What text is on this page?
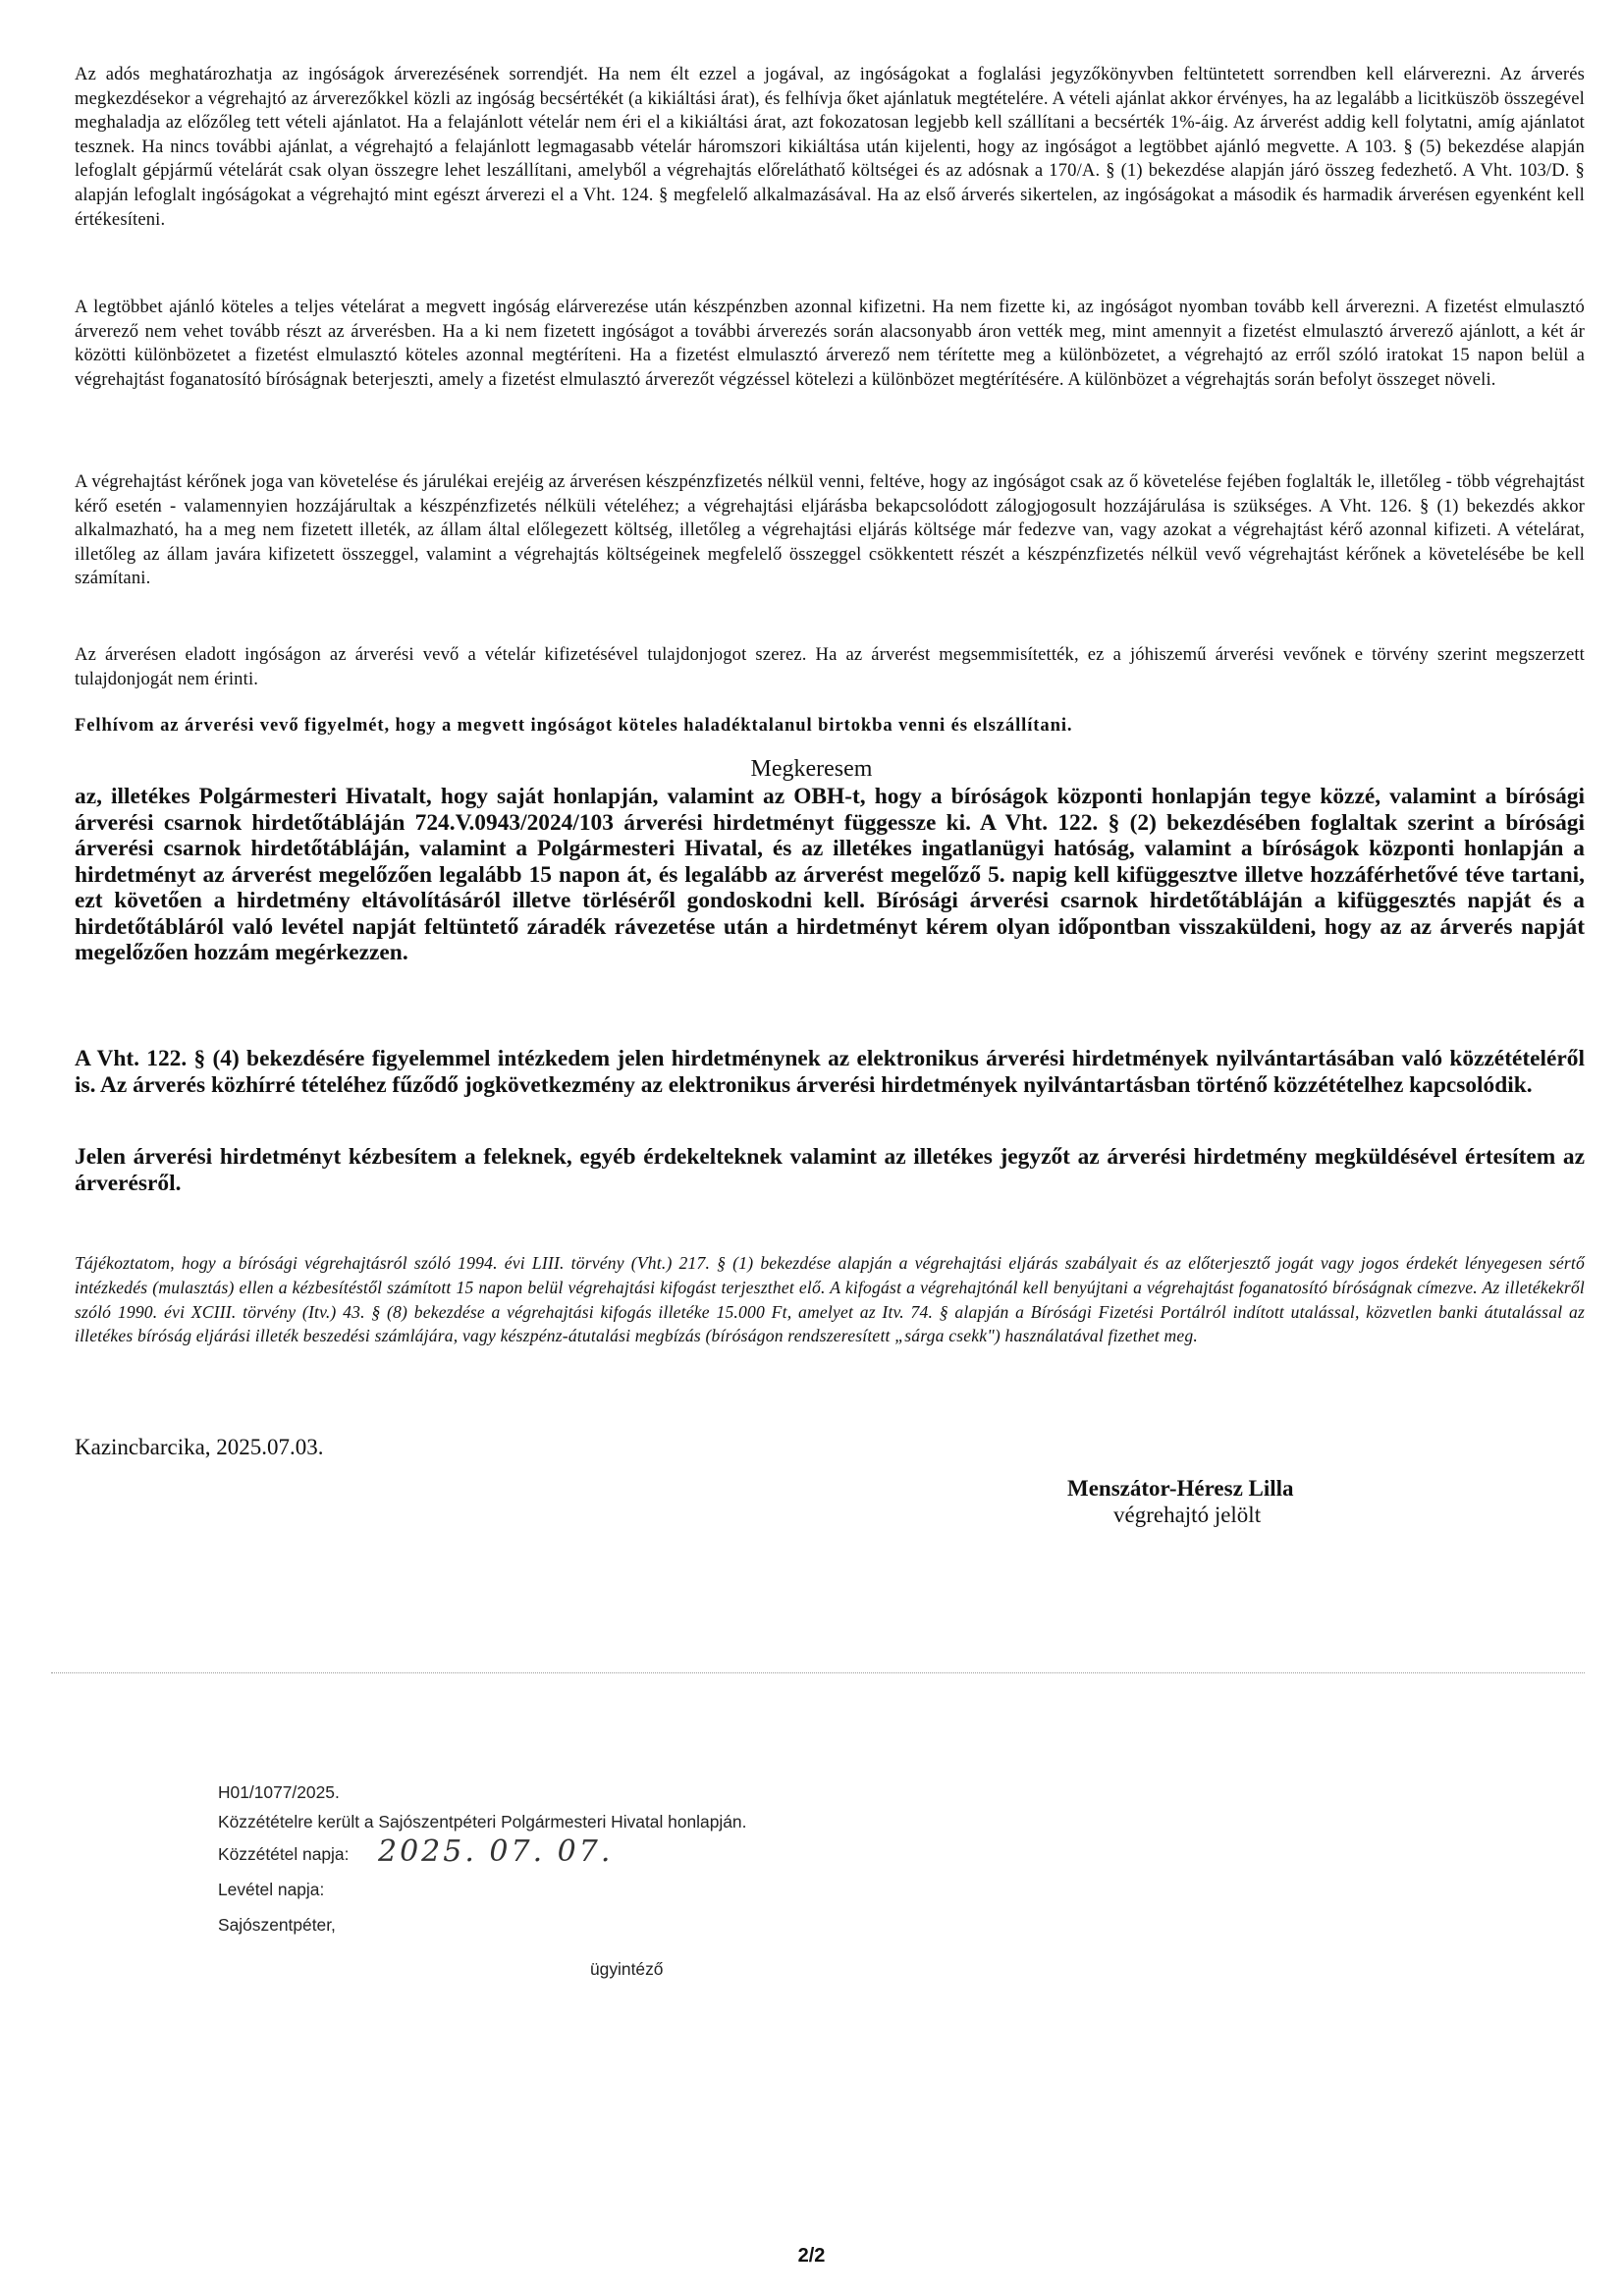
Az adós meghatározhatja az ingóságok árverezésének sorrendjét. Ha nem élt ezzel a jogával, az ingóságokat a foglalási jegyzőkönyvben feltüntetett sorrendben kell elárverezni. Az árverés megkezdésekor a végrehajtó az árverezőkkel közli az ingóság becsértékét (a kikiáltási árat), és felhívja őket ajánlatuk megtételére. A vételi ajánlat akkor érvényes, ha az legalább a licitküszöb összegével meghaladja az előzőleg tett vételi ajánlatot. Ha a felajánlott vételár nem éri el a kikiáltási árat, azt fokozatosan legjebb kell szállítani a becsérték 1%-áig. Az árverést addig kell folytatni, amíg ajánlatot tesznek. Ha nincs további ajánlat, a végrehajtó a felajánlott legmagasabb vételár háromszori kikiáltása után kijelenti, hogy az ingóságot a legtöbbet ajánló megvette. A 103. § (5) bekezdése alapján lefoglalt gépjármű vételárát csak olyan összegre lehet leszállítani, amelyből a végrehajtás előreláthatő költségei és az adósnak a 170/A. § (1) bekezdése alapján járó összeg fedezhető. A Vht. 103/D. § alapján lefoglalt ingóságokat a végrehajtó mint egészt árverezi el a Vht. 124. § megfelelő alkalmazásával. Ha az első árverés sikertelen, az ingóságokat a második és harmadik árverésen egyenként kell értékesíteni.

A legtöbbet ajánló köteles a teljes vételárat a megvett ingóság elárverezése után készpénzben azonnal kifizetni. Ha nem fizette ki, az ingóságot nyomban tovább kell árverezni. A fizetést elmulasztó árverező nem vehet tovább részt az árverésben. Ha a ki nem fizetett ingóságot a további árverezés során alacsonyabb áron vették meg, mint amennyit a fizetést elmulasztó árverező ajánlott, a két ár közötti különbözetet a fizetést elmulasztó köteles azonnal megtéríteni. Ha a fizetést elmulasztó árverező nem térítette meg a különbözetet, a végrehajtó az erről szóló iratokat 15 napon belül a végrehajtást foganatosító bíróságnak beterjeszti, amely a fizetést elmulasztó árverezőt végzéssel kötelezi a különbözet megtérítésére. A különbözet a végrehajtás során befolyt összeget növeli.

A végrehajtást kérőnek joga van követelése és járulékai erejéig az árverésen készpénzfizetés nélkül venni, feltéve, hogy az ingóságot csak az ő követelése fejében foglalták le, illetőleg - több végrehajtást kérő esetén - valamennyien hozzájárultak a készpénzfizetés nélküli vételéhez; a végrehajtási eljárásba bekapcsolódott zálogjogosult hozzájárulása is szükséges. A Vht. 126. § (1) bekezdés akkor alkalmazható, ha a meg nem fizetett illeték, az állam által előlegezett költség, illetőleg a végrehajtási eljárás költsége már fedezve van, vagy azokat a végrehajtást kérő azonnal kifizeti. A vételárat, illetőleg az állam javára kifizetett összeggel, valamint a végrehajtás költségeinek megfelelő összeggel csökkentett részét a készpénzfizetés nélkül vevő végrehajtást kérőnek a követelésébe be kell számítani.

Az árverésen eladott ingóságon az árverési vevő a vételár kifizetésével tulajdonjogot szerez. Ha az árverést megsemmisítették, ez a jóhiszemű árverési vevőnek e törvény szerint megszerzett tulajdonjogát nem érinti.

Felhívom az árverési vevő figyelmét, hogy a megvett ingóságot köteles haladéktalanul birtokba venni és elszállítani.

Megkeresem

az, illetékes Polgármesteri Hivatalt, hogy saját honlapján, valamint az OBH-t, hogy a bíróságok központi honlapján tegye közzé, valamint a bírósági árverési csarnok hirdetőtábláján 724.V.0943/2024/103 árverési hirdetményt függessze ki. A Vht. 122. § (2) bekezdésében foglaltak szerint a bírósági árverési csarnok hirdetőtábláján, valamint a Polgármesteri Hivatal, és az illetékes ingatlanügyi hatóság, valamint a bíróságok központi honlapján a hirdetményt az árverést megelőzően legalább 15 napon át, és legalább az árverést megelőző 5. napig kell kifüggesztve illetve hozzáférhetővé téve tartani, ezt követően a hirdetmény eltávolításáról illetve törléséről gondoskodni kell. Bírósági árverési csarnok hirdetőtábláján a kifüggesztés napját és a hirdetőtábláról való levétel napját feltüntető záradék rávezetése után a hirdetményt kérem olyan időpontban visszaküldeni, hogy az az árverés napját megelőzően hozzám megérkezzen.

A Vht. 122. § (4) bekezdésére figyelemmel intézkedem jelen hirdetménynek az elektronikus árverési hirdetmények nyilvántartásában való közzétételéről is. Az árverés közhírré tételéhez fűződő jogkövetkezmény az elektronikus árverési hirdetmények nyilvántartásban történő közzétételhez kapcsolódik.

Jelen árverési hirdetményt kézbesítem a feleknek, egyéb érdekelteknek valamint az illetékes jegyzőt az árverési hirdetmény megküldésével értesítem az árverésről.

Tájékoztatom, hogy a bírósági végrehajtásról szóló 1994. évi LIII. törvény (Vht.) 217. § (1) bekezdése alapján a végrehajtási eljárás szabályait és az előterjesztő jogát vagy jogos érdekét lényegesen sértő intézkedés (mulasztás) ellen a kézbesítéstől számított 15 napon belül végrehajtási kifogást terjeszthet elő. A kifogást a végrehajtónál kell benyújtani a végrehajtást foganatosító bíróságnak címezve. Az illetékekről szóló 1990. évi XCIII. törvény (Itv.) 43. § (8) bekezdése a végrehajtási kifogás illetéke 15.000 Ft, amelyet az Itv. 74. § alapján a Bírósági Fizetési Portálról indított utalással, közvetlen banki átutalással az illetékes bíróság eljárási illeték beszedési számlájára, vagy készpénz-átutalási megbízás (bíróságon rendszeresített „sárga csekk") használatával fizethet meg.

Kazincbarcika, 2025.07.03.

Menszátor-Héresz Lilla

végrehajtó jelölt

H01/1077/2025.

Közzétételre került a Sajószentpéteri Polgármesteri Hivatal honlapján.

Közzététel napja: 2025. 07. 07.

Levétel napja:

Sajószentpéter,

ügyintéző

2/2
